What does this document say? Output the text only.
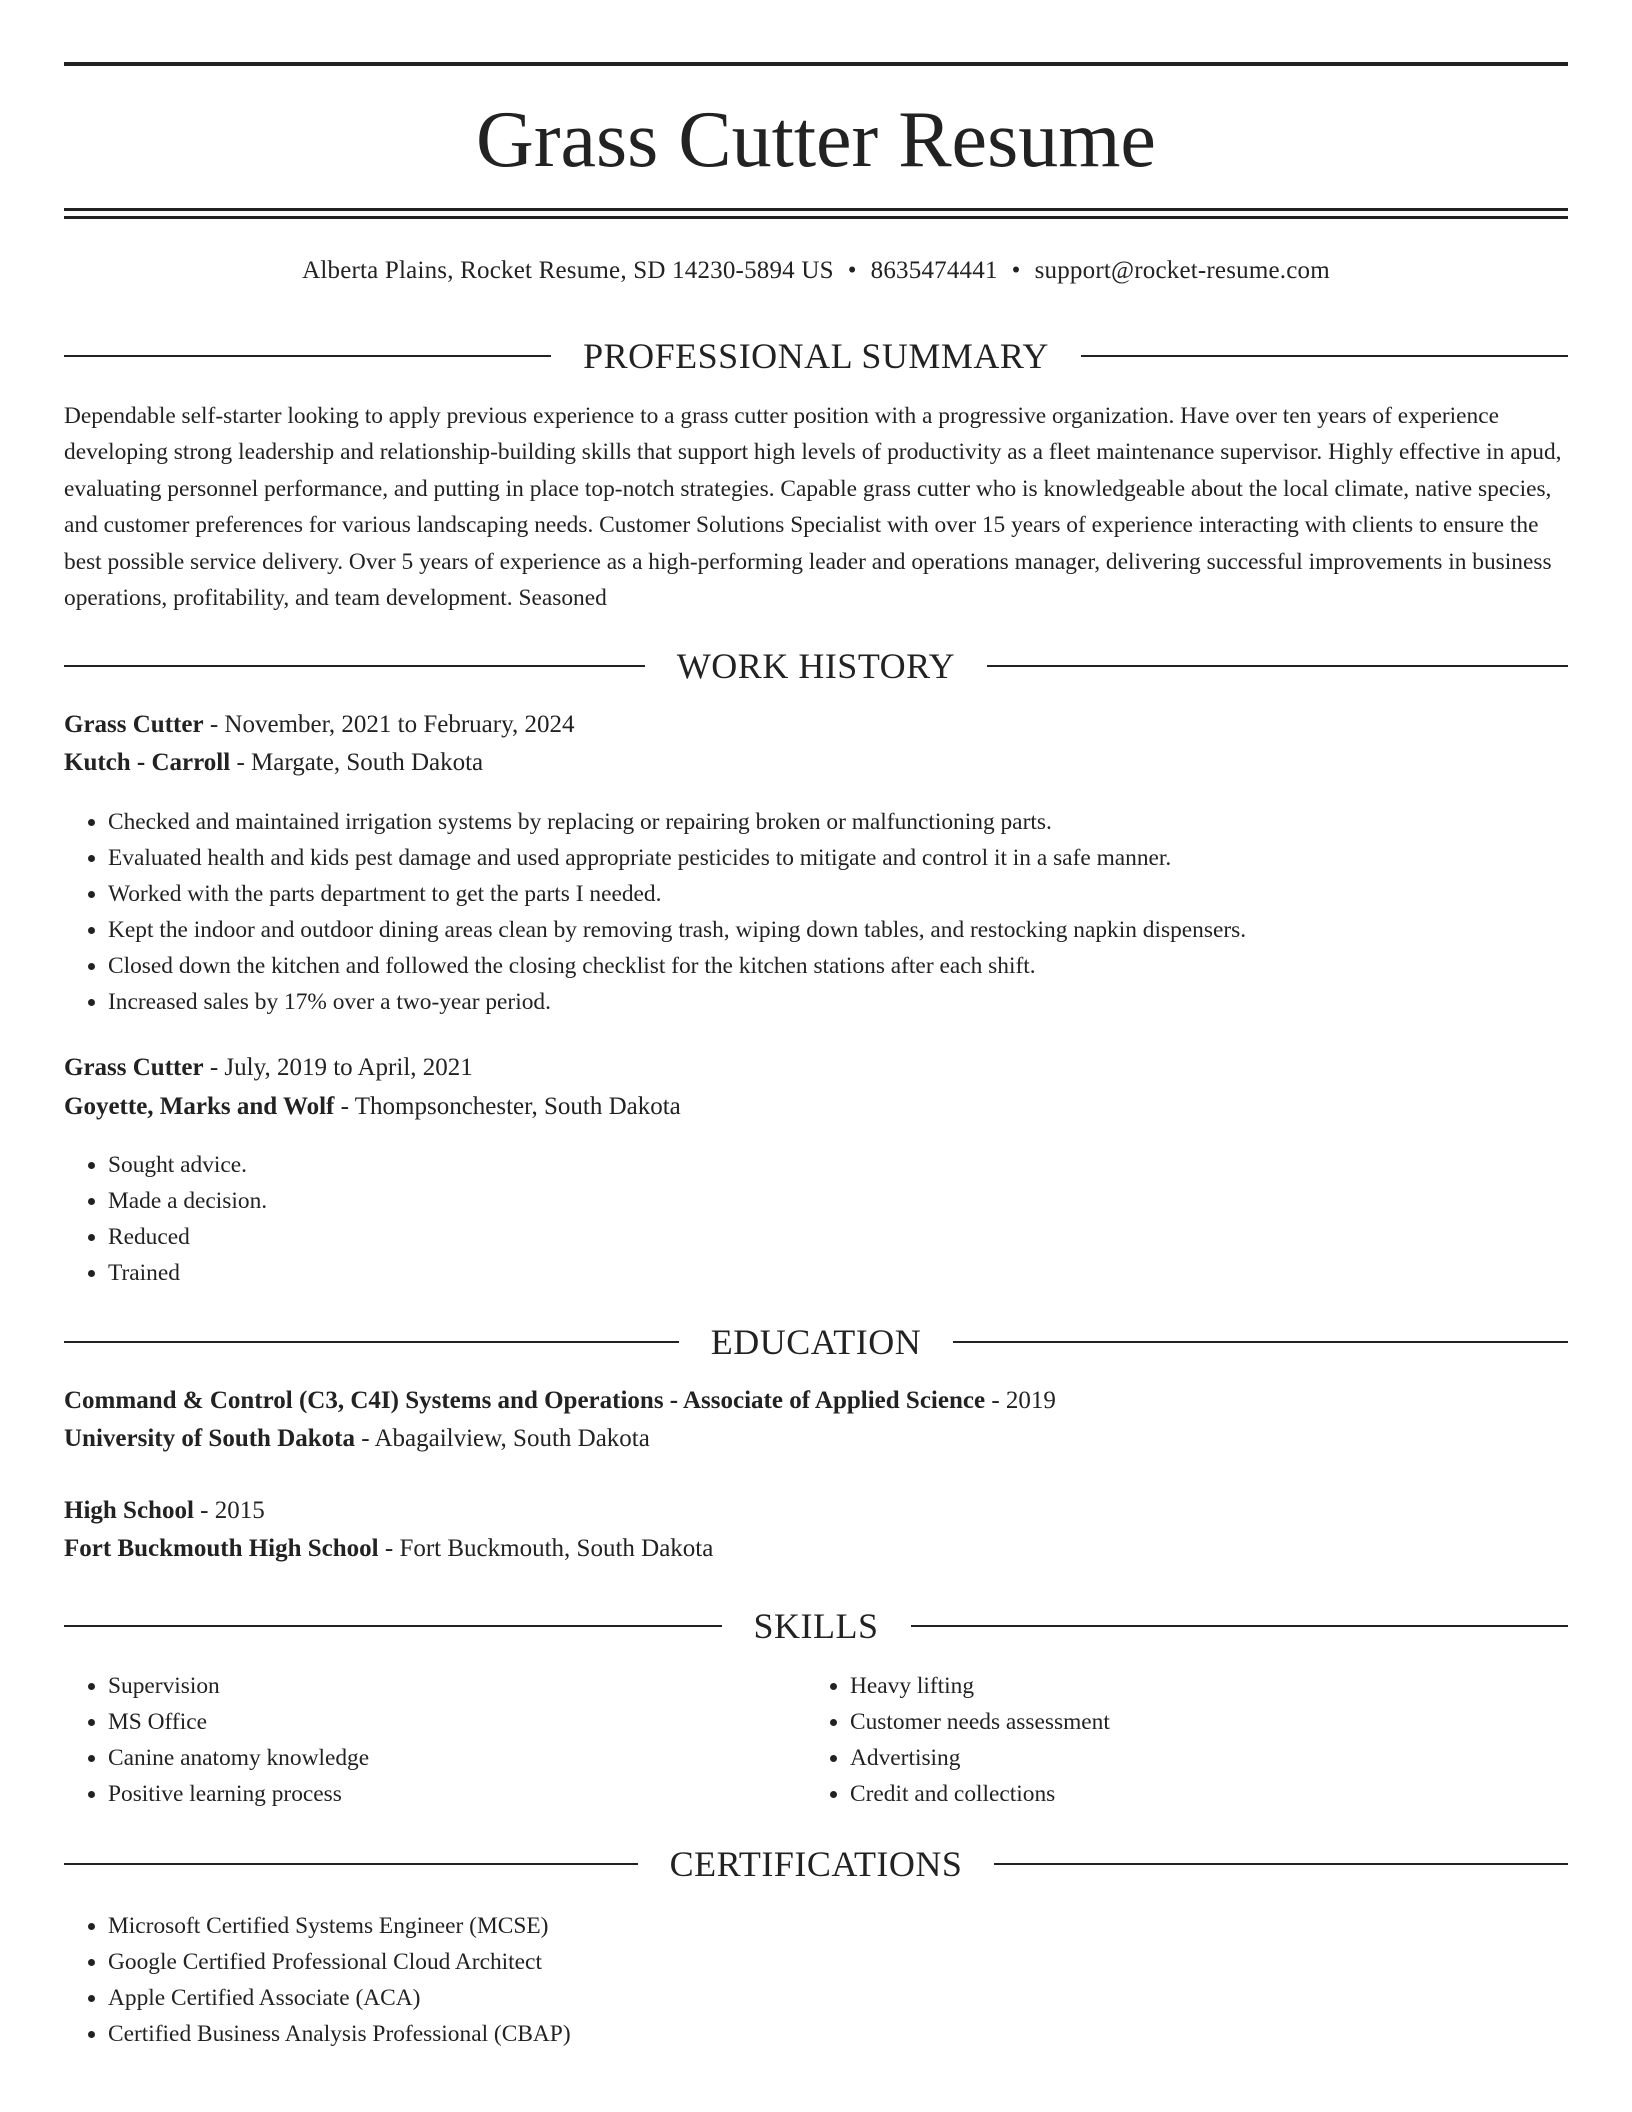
Grass Cutter Resume
Alberta Plains, Rocket Resume, SD 14230-5894 US • 8635474441 • support@rocket-resume.com
PROFESSIONAL SUMMARY

Dependable self-starter looking to apply previous experience to a grass cutter position with a progressive organization. Have over ten years of experience developing strong leadership and relationship-building skills that support high levels of productivity as a fleet maintenance supervisor. Highly effective in apud, evaluating personnel performance, and putting in place top-notch strategies. Capable grass cutter who is knowledgeable about the local climate, native species, and customer preferences for various landscaping needs. Customer Solutions Specialist with over 15 years of experience interacting with clients to ensure the best possible service delivery. Over 5 years of experience as a high-performing leader and operations manager, delivering successful improvements in business operations, profitability, and team development. Seasoned

WORK HISTORY
Grass Cutter - November, 2021 to February, 2024
Kutch - Carroll - Margate, South Dakota
• Checked and maintained irrigation systems by replacing or repairing broken or malfunctioning parts.
• Evaluated health and kids pest damage and used appropriate pesticides to mitigate and control it in a safe manner.
• Worked with the parts department to get the parts I needed.
• Kept the indoor and outdoor dining areas clean by removing trash, wiping down tables, and restocking napkin dispensers.
• Closed down the kitchen and followed the closing checklist for the kitchen stations after each shift.
• Increased sales by 17% over a two-year period.
Grass Cutter - July, 2019 to April, 2021
Goyette, Marks and Wolf - Thompsonchester, South Dakota
• Sought advice.
• Made a decision.
• Reduced
• Trained
EDUCATION
Command & Control (C3, C4I) Systems and Operations - Associate of Applied Science - 2019
University of South Dakota - Abagailview, South Dakota
High School - 2015
Fort Buckmouth High School - Fort Buckmouth, South Dakota
SKILLS
• Supervision
• MS Office
• Canine anatomy knowledge
• Positive learning process
• Heavy lifting
• Customer needs assessment
• Advertising
• Credit and collections
CERTIFICATIONS
• Microsoft Certified Systems Engineer (MCSE)
• Google Certified Professional Cloud Architect
• Apple Certified Associate (ACA)
• Certified Business Analysis Professional (CBAP)
